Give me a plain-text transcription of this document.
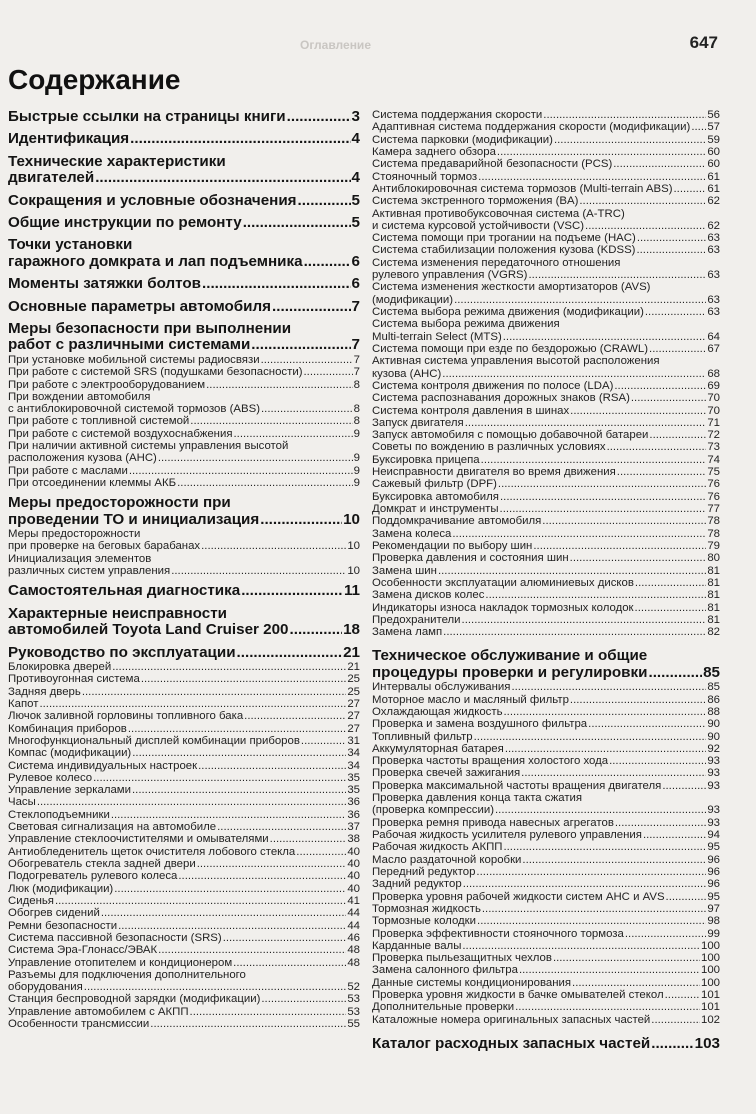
Оглавление	647
Содержание
Быстрые ссылки на страницы книги .....	3
Идентификация .....	4
Технические характеристики
двигателей .....	4
Сокращения и условные обозначения .....	5
Общие инструкции по ремонту .....	5
Точки установки
гаражного домкрата и лап подъемника .....	6
Моменты затяжки болтов .....	6
Основные параметры автомобиля .....	7
Меры безопасности при выполнении
работ с различными системами .....	7
При установке мобильной системы радиосвязи .....	7
При работе с системой SRS (подушками безопасности) .....	7
При работе с электрооборудованием .....	8
При вождении автомобиля
с антиблокировочной системой тормозов (ABS) .....	8
При работе с топливной системой .....	8
При работе с системой воздухоснабжения .....	9
При наличии активной системы управления высотой
расположения кузова (AHC) .....	9
При работе с маслами .....	9
При отсоединении клеммы АКБ .....	9
Меры предосторожности при
проведении ТО и инициализация .....	10
Меры предосторожности
при проверке на беговых барабанах .....	10
Инициализация элементов
различных систем управления .....	10
Самостоятельная диагностика .....	11
Характерные неисправности
автомобилей Toyota Land Cruiser 200 .....	18
Руководство по эксплуатации .....	21
Блокировка дверей .....	21
Противоугонная система .....	25
Задняя дверь .....	25
Капот .....	27
Лючок заливной горловины топливного бака .....	27
Комбинация приборов .....	27
Многофункциональный дисплей комбинации приборов .....	31
Компас (модификации) .....	34
Система индивидуальных настроек .....	34
Рулевое колесо .....	35
Управление зеркалами .....	35
Часы .....	36
Стеклоподъемники .....	36
Световая сигнализация на автомобиле .....	37
Управление стеклоочистителями и омывателями .....	38
Антиобледенитель щеток очистителя лобового стекла .....	40
Обогреватель стекла задней двери .....	40
Подогреватель рулевого колеса .....	40
Люк (модификации) .....	40
Сиденья .....	41
Обогрев сидений .....	44
Ремни безопасности .....	44
Система пассивной безопасности (SRS) .....	46
Система Эра-Глонасс/ЭВАК .....	48
Управление отопителем и кондиционером .....	48
Разъемы для подключения дополнительного
оборудования .....	52
Станция беспроводной зарядки (модификации) .....	53
Управление автомобилем с АКПП .....	53
Особенности трансмиссии .....	55
Система поддержания скорости .....	56
Адаптивная система поддержания скорости (модификации) ..... 57
Система парковки (модификации) .....	59
Камера заднего обзора .....	60
Система предаварийной безопасности (PCS) .....	60
Стояночный тормоз .....	61
Антиблокировочная система тормозов (Multi-terrain ABS) .....	61
Система экстренного торможения (BA) .....	62
Активная противобуксовочная система (A-TRC)
и система курсовой устойчивости (VSC) .....	62
Система помощи при трогании на подъеме (HAC) .....	63
Система стабилизации положения кузова (KDSS) .....	63
Система изменения передаточного отношения
рулевого управления (VGRS) .....	63
Система изменения жесткости амортизаторов (AVS)
(модификации) .....	63
Система выбора режима движения (модификации) .....	63
Система выбора режима движения
Multi-terrain Select (MTS) .....	64
Система помощи при езде по бездорожью (CRAWL) .....	67
Активная система управления высотой расположения
кузова (AHC) .....	68
Система контроля движения по полосе (LDA) .....	69
Система распознавания дорожных знаков (RSA) .....	70
Система контроля давления в шинах .....	70
Запуск двигателя .....	71
Запуск автомобиля с помощью добавочной батареи .....	72
Советы по вождению в различных условиях .....	73
Буксировка прицепа .....	74
Неисправности двигателя во время движения .....	75
Сажевый фильтр (DPF) .....	76
Буксировка автомобиля .....	76
Домкрат и инструменты .....	77
Поддомкрачивание автомобиля .....	78
Замена колеса .....	78
Рекомендации по выбору шин .....	79
Проверка давления и состояния шин .....	80
Замена шин .....	81
Особенности эксплуатации алюминиевых дисков .....	81
Замена дисков колес .....	81
Индикаторы износа накладок тормозных колодок .....	81
Предохранители .....	81
Замена ламп .....	82
Техническое обслуживание и общие
процедуры проверки и регулировки .....	85
Интервалы обслуживания .....	85
Моторное масло и масляный фильтр .....	86
Охлаждающая жидкость .....	88
Проверка и замена воздушного фильтра .....	90
Топливный фильтр .....	90
Аккумуляторная батарея .....	92
Проверка частоты вращения холостого хода .....	93
Проверка свечей зажигания .....	93
Проверка максимальной частоты вращения двигателя .....	93
Проверка давления конца такта сжатия
(проверка компрессии) .....	93
Проверка ремня привода навесных агрегатов .....	93
Рабочая жидкость усилителя рулевого управления .....	94
Рабочая жидкость АКПП .....	95
Масло раздаточной коробки .....	96
Передний редуктор .....	96
Задний редуктор .....	96
Проверка уровня рабочей жидкости систем AHC и AVS .....	95
Тормозная жидкость .....	97
Тормозные колодки .....	98
Проверка эффективности стояночного тормоза .....	99
Карданные валы .....	100
Проверка пыльезащитных чехлов .....	100
Замена салонного фильтра .....	100
Данные системы кондиционирования .....	100
Проверка уровня жидкости в бачке омывателей стекол .....	101
Дополнительные проверки .....	101
Каталожные номера оригинальных запасных частей .....	102
Каталог расходных запасных частей .....	103
